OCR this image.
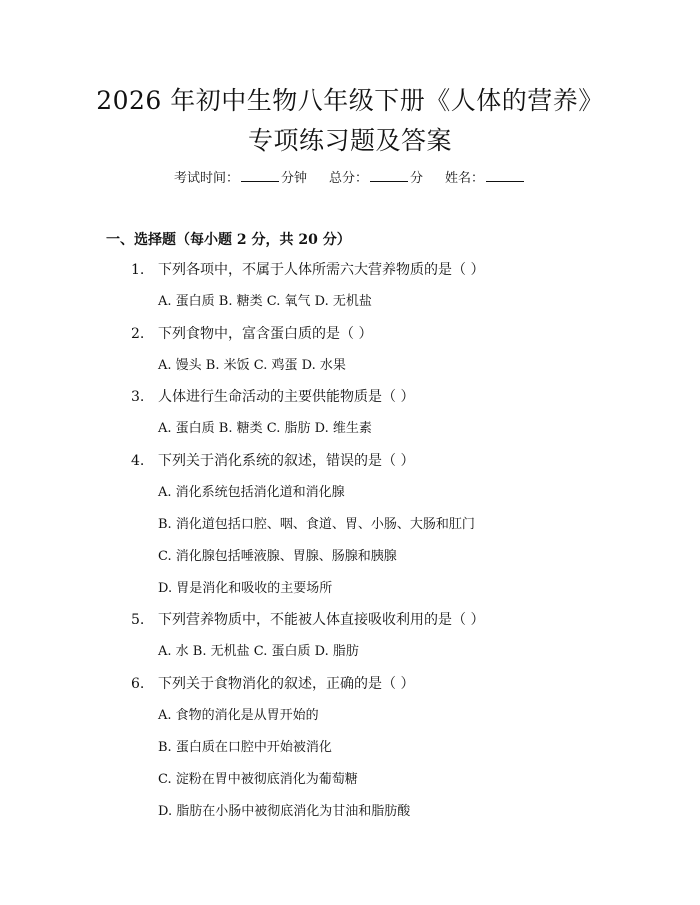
2026 年初中生物八年级下册《人体的营养》
专项练习题及答案
考试时间：	分钟 总分：	分 姓名：
一、选择题（每小题 2 分，共 20 分）
1. 下列各项中，不属于人体所需六大营养物质的是（ ）
A. 蛋白质 B. 糖类 C. 氧气 D. 无机盐
2. 下列食物中，富含蛋白质的是（ ）
A. 馒头 B. 米饭 C. 鸡蛋 D. 水果
3. 人体进行生命活动的主要供能物质是（ ）
A. 蛋白质 B. 糖类 C. 脂肪 D. 维生素
4. 下列关于消化系统的叙述，错误的是（ ）
A. 消化系统包括消化道和消化腺
B. 消化道包括口腔、咽、食道、胃、小肠、大肠和肛门
C. 消化腺包括唾液腺、胃腺、肠腺和胰腺
D. 胃是消化和吸收的主要场所
5. 下列营养物质中，不能被人体直接吸收利用的是（ ）
A. 水 B. 无机盐 C. 蛋白质 D. 脂肪
6. 下列关于食物消化的叙述，正确的是（ ）
A. 食物的消化是从胃开始的
B. 蛋白质在口腔中开始被消化
C. 淀粉在胃中被彻底消化为葡萄糖
D. 脂肪在小肠中被彻底消化为甘油和脂肪酸
